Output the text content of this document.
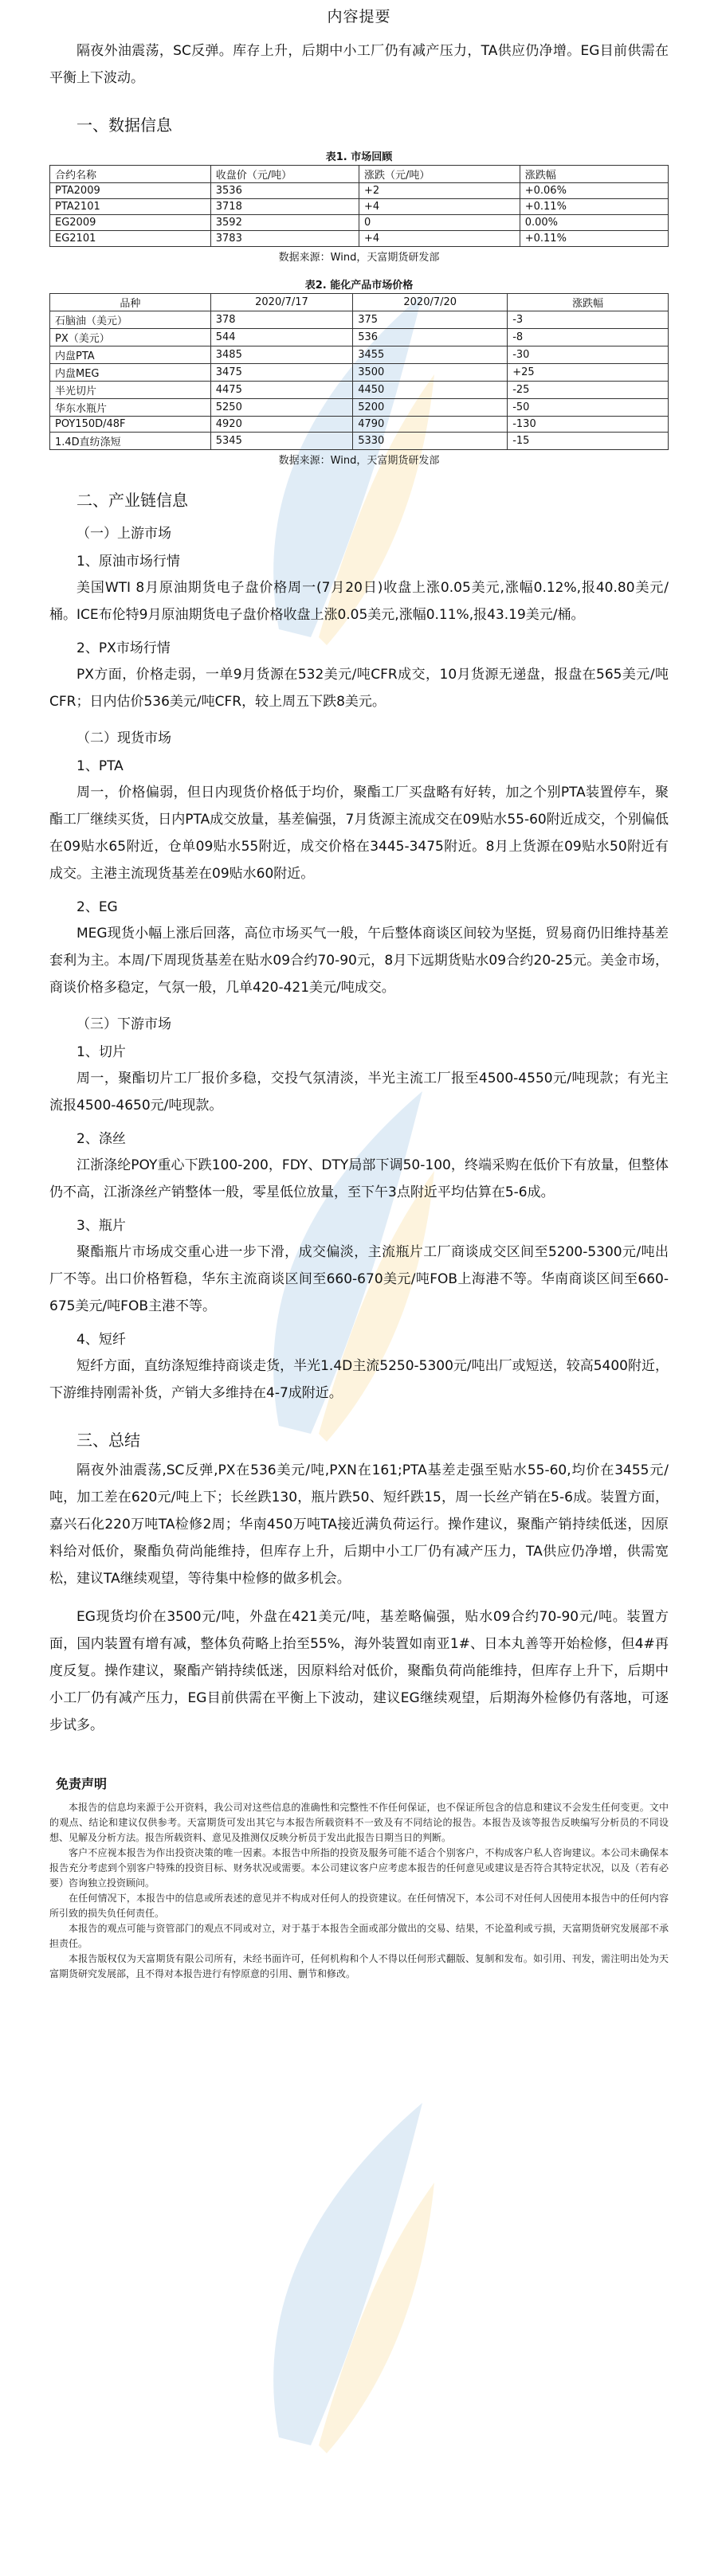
内容提要

隔夜外油震荡，SC反弹。库存上升，后期中小工厂仍有减产压力，TA供应仍净增。EG目前供需在平衡上下波动。

一、数据信息
表1. 市场回顾
合约名称	收盘价（元/吨）	涨跌（元/吨）	涨跌幅
PTA2009	3536	+2	+0.06%
PTA2101	3718	+4	+0.11%
EG2009	3592	0	0.00%
EG2101	3783	+4	+0.11%
数据来源：Wind，天富期货研发部
表2. 能化产品市场价格
品种	2020/7/17	2020/7/20	涨跌幅
石脑油（美元）	378	375	-3
PX（美元）	544	536	-8
内盘PTA	3485	3455	-30
内盘MEG	3475	3500	+25
半光切片	4475	4450	-25
华东水瓶片	5250	5200	-50
POY150D/48F	4920	4790	-130
1.4D直纺涤短	5345	5330	-15
数据来源：Wind，天富期货研发部
二、产业链信息
（一）上游市场
1、原油市场行情

美国WTI 8月原油期货电子盘价格周一(7月20日)收盘上涨0.05美元,涨幅0.12%,报40.80美元/桶。ICE布伦特9月原油期货电子盘价格收盘上涨0.05美元,涨幅0.11%,报43.19美元/桶。

2、PX市场行情

PX方面，价格走弱，一单9月货源在532美元/吨CFR成交，10月货源无递盘，报盘在565美元/吨CFR；日内估价536美元/吨CFR，较上周五下跌8美元。

（二）现货市场
1、PTA

周一，价格偏弱，但日内现货价格低于均价，聚酯工厂买盘略有好转，加之个别PTA装置停车，聚酯工厂继续买货，日内PTA成交放量，基差偏强，7月货源主流成交在09贴水55-60附近成交，个别偏低在09贴水65附近，仓单09贴水55附近，成交价格在3445-3475附近。8月上货源在09贴水50附近有成交。主港主流现货基差在09贴水60附近。

2、EG

MEG现货小幅上涨后回落，高位市场买气一般，午后整体商谈区间较为坚挺，贸易商仍旧维持基差套利为主。本周/下周现货基差在贴水09合约70-90元，8月下远期货贴水09合约20-25元。美金市场，商谈价格多稳定，气氛一般，几单420-421美元/吨成交。

（三）下游市场
1、切片

周一，聚酯切片工厂报价多稳，交投气氛清淡，半光主流工厂报至4500-4550元/吨现款；有光主流报4500-4650元/吨现款。

2、涤丝

江浙涤纶POY重心下跌100-200，FDY、DTY局部下调50-100，终端采购在低价下有放量，但整体仍不高，江浙涤丝产销整体一般，零星低位放量，至下午3点附近平均估算在5-6成。

3、瓶片

聚酯瓶片市场成交重心进一步下滑，成交偏淡，主流瓶片工厂商谈成交区间至5200-5300元/吨出厂不等。出口价格暂稳，华东主流商谈区间至660-670美元/吨FOB上海港不等。华南商谈区间至660-675美元/吨FOB主港不等。

4、短纤

短纤方面，直纺涤短维持商谈走货，半光1.4D主流5250-5300元/吨出厂或短送，较高5400附近，下游维持刚需补货，产销大多维持在4-7成附近。

三、总结

隔夜外油震荡,SC反弹,PX在536美元/吨,PXN在161;PTA基差走强至贴水55-60,均价在3455元/吨，加工差在620元/吨上下；长丝跌130，瓶片跌50、短纤跌15，周一长丝产销在5-6成。装置方面，嘉兴石化220万吨TA检修2周；华南450万吨TA接近满负荷运行。操作建议，聚酯产销持续低迷，因原料给对低价，聚酯负荷尚能维持，但库存上升，后期中小工厂仍有减产压力，TA供应仍净增，供需宽松，建议TA继续观望，等待集中检修的做多机会。

EG现货均价在3500元/吨，外盘在421美元/吨，基差略偏强，贴水09合约70-90元/吨。装置方面，国内装置有增有减，整体负荷略上抬至55%，海外装置如南亚1#、日本丸善等开始检修，但4#再度反复。操作建议，聚酯产销持续低迷，因原料给对低价，聚酯负荷尚能维持，但库存上升下，后期中小工厂仍有减产压力，EG目前供需在平衡上下波动，建议EG继续观望，后期海外检修仍有落地，可逐步试多。

免责声明

本报告的信息均来源于公开资料，我公司对这些信息的准确性和完整性不作任何保证，也不保证所包含的信息和建议不会发生任何变更。文中的观点、结论和建议仅供参考。天富期货可发出其它与本报告所载资料不一致及有不同结论的报告。本报告及该等报告反映编写分析员的不同设想、见解及分析方法。报告所载资料、意见及推测仅反映分析员于发出此报告日期当日的判断。

客户不应视本报告为作出投资决策的唯一因素。本报告中所指的投资及服务可能不适合个别客户，不构成客户私人咨询建议。本公司未确保本报告充分考虑到个别客户特殊的投资目标、财务状况或需要。本公司建议客户应考虑本报告的任何意见或建议是否符合其特定状况，以及（若有必要）咨询独立投资顾问。

在任何情况下，本报告中的信息或所表述的意见并不构成对任何人的投资建议。在任何情况下，本公司不对任何人因使用本报告中的任何内容所引致的损失负任何责任。

本报告的观点可能与资管部门的观点不同或对立，对于基于本报告全面或部分做出的交易、结果，不论盈利或亏损，天富期货研究发展部不承担责任。

本报告版权仅为天富期货有限公司所有，未经书面许可，任何机构和个人不得以任何形式翻版、复制和发布。如引用、刊发，需注明出处为天富期货研究发展部，且不得对本报告进行有悖原意的引用、删节和修改。
